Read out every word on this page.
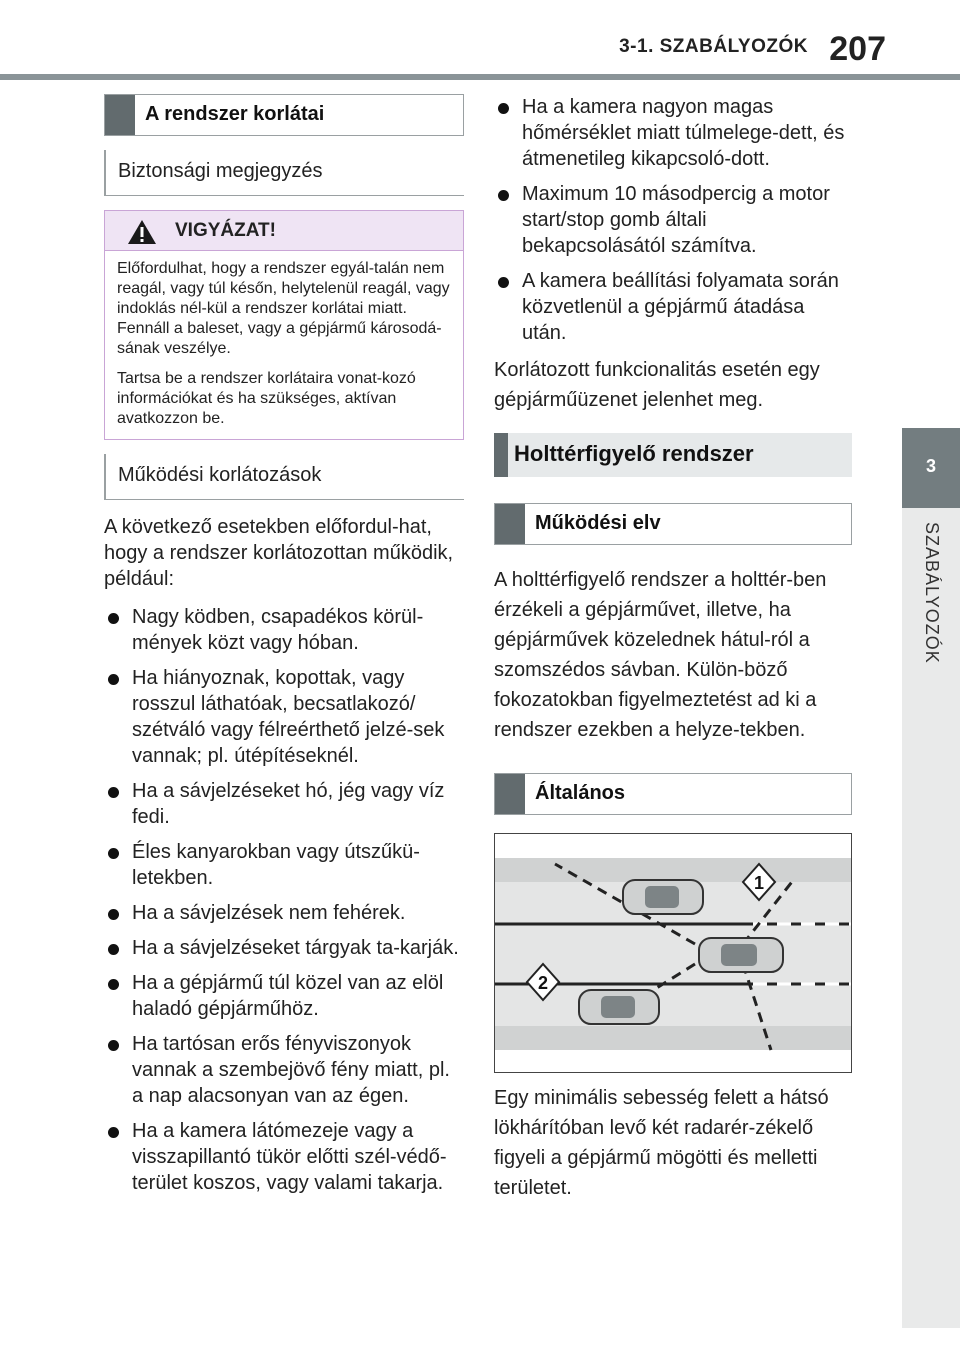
3-1. SZABÁLYOZÓK 207
3
SZABÁLYOZÓK
A rendszer korlátai
Biztonsági megjegyzés
VIGYÁZAT!

Előfordulhat, hogy a rendszer egyál-talán nem reagál, vagy túl későn, helytelenül reagál, vagy indoklás nél-kül a rendszer korlátai miatt. Fennáll a baleset, vagy a gépjármű károsodá-sának veszélye.

Tartsa be a rendszer korlátaira vonat-kozó információkat és ha szükséges, aktívan avatkozzon be.

Működési korlátozások
A következő esetekben előfordul-hat, hogy a rendszer korlátozottan működik, például:
Nagy ködben, csapadékos körül-mények közt vagy hóban.
Ha hiányoznak, kopottak, vagy rosszul láthatóak, becsatlakozó/ szétváló vagy félreérthető jelzé-sek vannak; pl. útépítéseknél.
Ha a sávjelzéseket hó, jég vagy víz fedi.
Éles kanyarokban vagy útszűkü-letekben.
Ha a sávjelzések nem fehérek.
Ha a sávjelzéseket tárgyak ta-karják.
Ha a gépjármű túl közel van az elöl haladó gépjárműhöz.
Ha tartósan erős fényviszonyok vannak a szembejövő fény miatt, pl. a nap alacsonyan van az égen.
Ha a kamera látómezeje vagy a visszapillantó tükör előtti szél-védő-terület koszos, vagy valami takarja.
Ha a kamera nagyon magas hőmérséklet miatt túlmelege-dett, és átmenetileg kikapcsoló-dott.
Maximum 10 másodpercig a motor start/stop gomb általi bekapcsolásától számítva.
A kamera beállítási folyamata során közvetlenül a gépjármű átadása után.
Korlátozott funkcionalitás esetén egy gépjárműüzenet jelenhet meg.
Holttérfigyelő rendszer
Működési elv
A holttérfigyelő rendszer a holttér-ben érzékeli a gépjárművet, illetve, ha gépjárművek közelednek hátul-ról a szomszédos sávban. Külön-böző fokozatokban figyelmeztetést ad ki a rendszer ezekben a helyze-tekben.
Általános
1
2
Egy minimális sebesség felett a hátsó lökhárítóban levő két radarér-zékelő figyeli a gépjármű mögötti és melletti területet.
